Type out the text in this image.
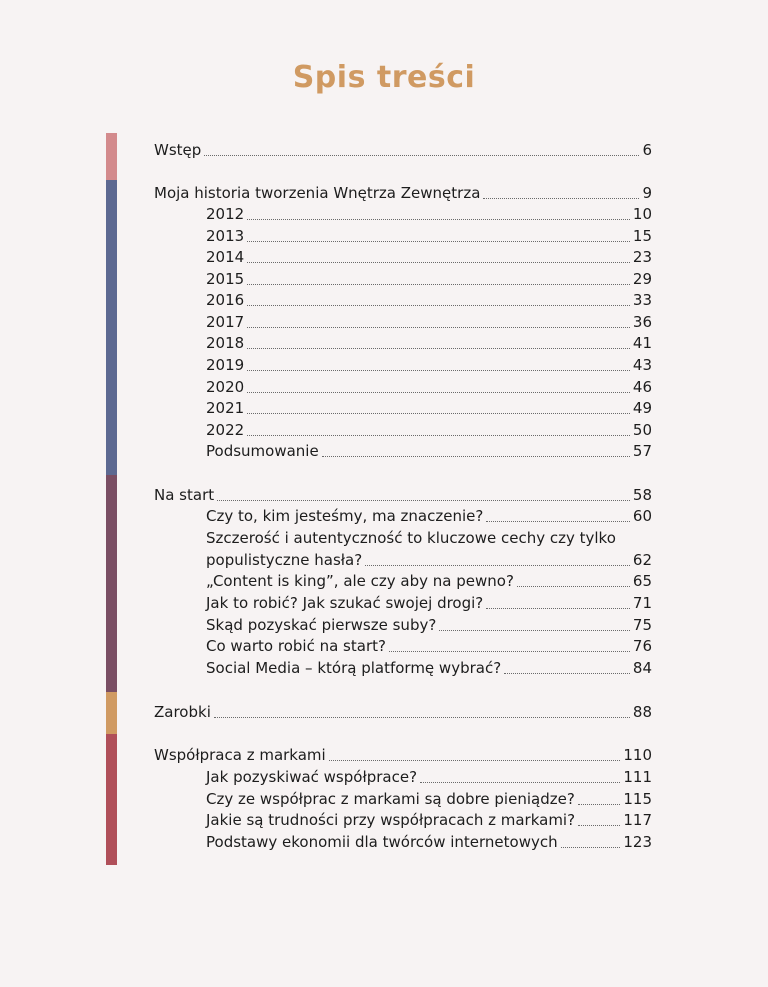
Spis treści
Wstęp	6
Moja historia tworzenia Wnętrza Zewnętrza	9
2012	10
2013	15
2014	23
2015	29
2016	33
2017	36
2018	41
2019	43
2020	46
2021	49
2022	50
Podsumowanie	57
Na start	58
Czy to, kim jesteśmy, ma znaczenie?	60
Szczerość i autentyczność to kluczowe cechy czy tylko
populistyczne hasła?	62
„Content is king”, ale czy aby na pewno?	65
Jak to robić? Jak szukać swojej drogi?	71
Skąd pozyskać pierwsze suby?	75
Co warto robić na start?	76
Social Media – którą platformę wybrać?	84
Zarobki	88
Współpraca z markami	110
Jak pozyskiwać współprace?	111
Czy ze współprac z markami są dobre pieniądze?	115
Jakie są trudności przy współpracach z markami?	117
Podstawy ekonomii dla twórców internetowych	123
